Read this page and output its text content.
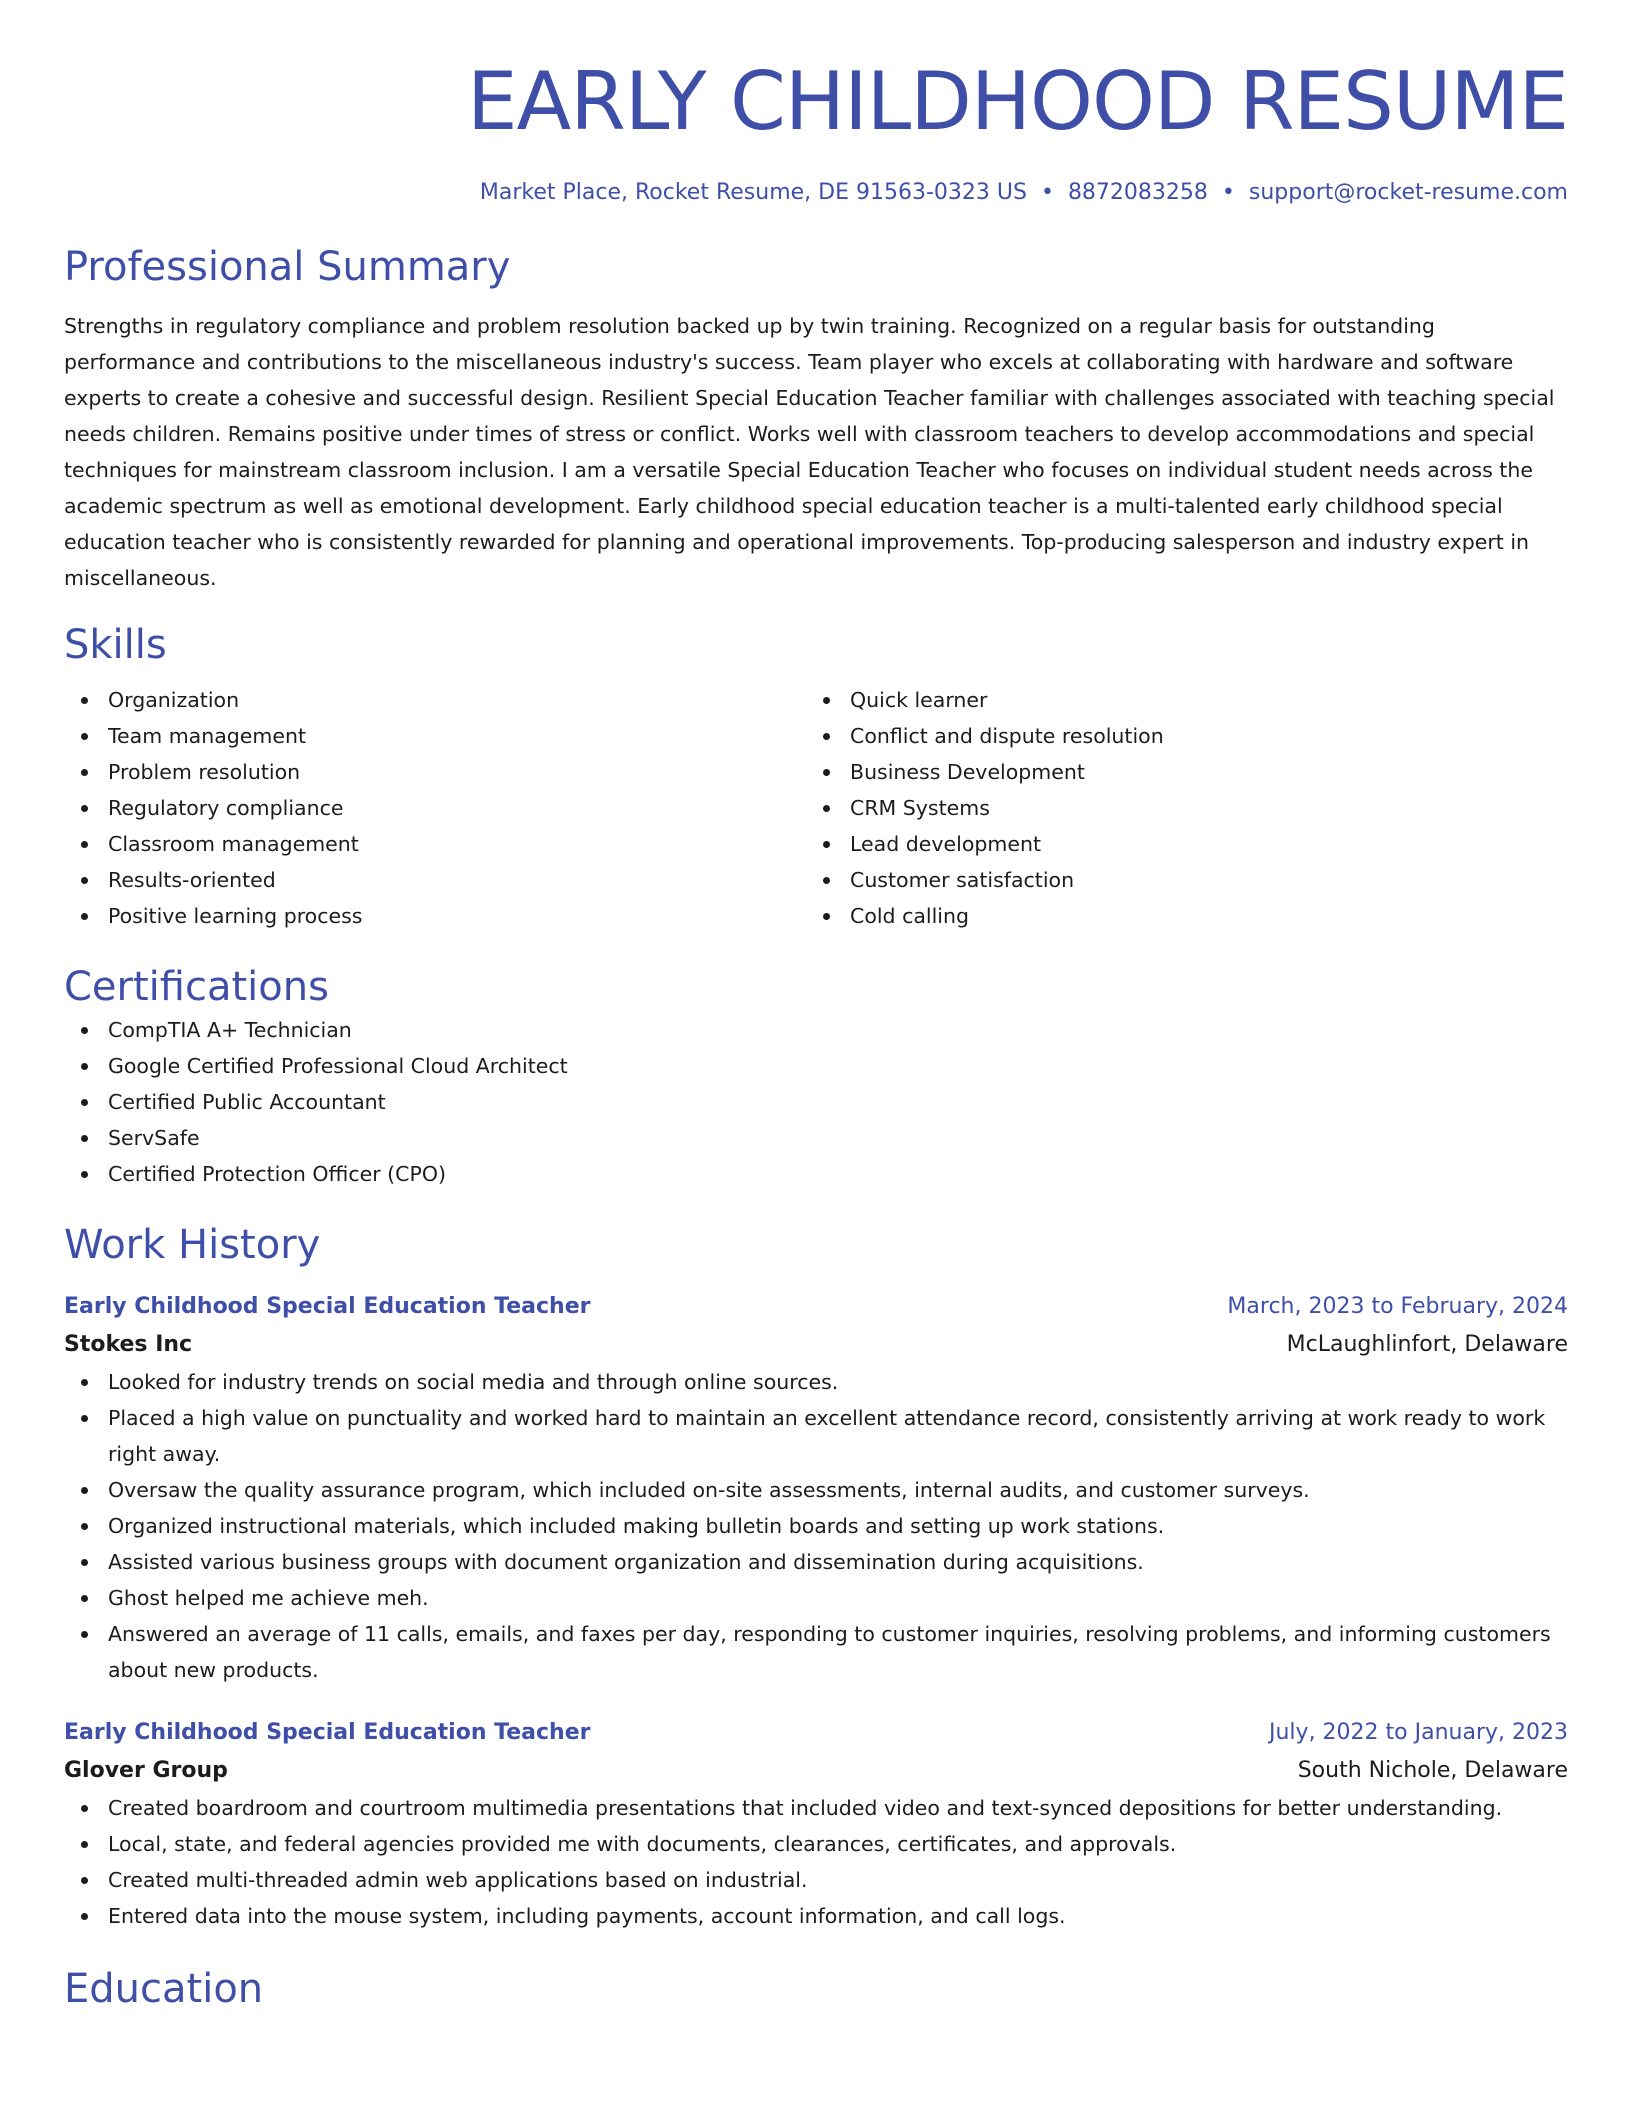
EARLY CHILDHOOD RESUME
Market Place, Rocket Resume, DE 91563-0323 US • 8872083258 • support@rocket-resume.com
Professional Summary

Strengths in regulatory compliance and problem resolution backed up by twin training. Recognized on a regular basis for outstanding performance and contributions to the miscellaneous industry's success. Team player who excels at collaborating with hardware and software experts to create a cohesive and successful design. Resilient Special Education Teacher familiar with challenges associated with teaching special needs children. Remains positive under times of stress or conflict. Works well with classroom teachers to develop accommodations and special techniques for mainstream classroom inclusion. I am a versatile Special Education Teacher who focuses on individual student needs across the academic spectrum as well as emotional development. Early childhood special education teacher is a multi-talented early childhood special education teacher who is consistently rewarded for planning and operational improvements. Top-producing salesperson and industry expert in miscellaneous.

Skills
Organization
Team management
Problem resolution
Regulatory compliance
Classroom management
Results-oriented
Positive learning process
Quick learner
Conflict and dispute resolution
Business Development
CRM Systems
Lead development
Customer satisfaction
Cold calling
Certifications
CompTIA A+ Technician
Google Certified Professional Cloud Architect
Certified Public Accountant
ServSafe
Certified Protection Officer (CPO)
Work History
Early Childhood Special Education Teacher	March, 2023 to February, 2024
Stokes Inc	McLaughlinfort, Delaware
Looked for industry trends on social media and through online sources.
Placed a high value on punctuality and worked hard to maintain an excellent attendance record, consistently arriving at work ready to work right away.
Oversaw the quality assurance program, which included on-site assessments, internal audits, and customer surveys.
Organized instructional materials, which included making bulletin boards and setting up work stations.
Assisted various business groups with document organization and dissemination during acquisitions.
Ghost helped me achieve meh.
Answered an average of 11 calls, emails, and faxes per day, responding to customer inquiries, resolving problems, and informing customers about new products.
Early Childhood Special Education Teacher	July, 2022 to January, 2023
Glover Group	South Nichole, Delaware
Created boardroom and courtroom multimedia presentations that included video and text-synced depositions for better understanding.
Local, state, and federal agencies provided me with documents, clearances, certificates, and approvals.
Created multi-threaded admin web applications based on industrial.
Entered data into the mouse system, including payments, account information, and call logs.
Education
